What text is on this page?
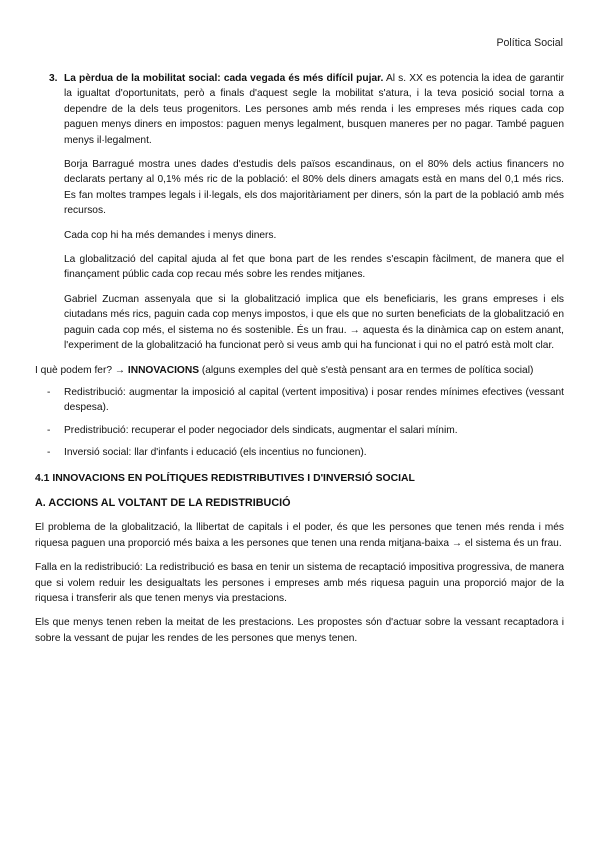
Política Social
3. La pèrdua de la mobilitat social: cada vegada és més difícil pujar. Al s. XX es potencia la idea de garantir la igualtat d'oportunitats, però a finals d'aquest segle la mobilitat s'atura, i la teva posició social torna a dependre de la dels teus progenitors. Les persones amb més renda i les empreses més riques cada cop paguen menys diners en impostos: paguen menys legalment, busquen maneres per no pagar. També paguen menys il·legalment.

Borja Barragué mostra unes dades d'estudis dels països escandinaus, on el 80% dels actius financers no declarats pertany al 0,1% més ric de la població: el 80% dels diners amagats està en mans del 0,1 més rics. Es fan moltes trampes legals i il·legals, els dos majoritàriament per diners, són la part de la població amb més recursos.

Cada cop hi ha més demandes i menys diners.

La globalització del capital ajuda al fet que bona part de les rendes s'escapin fàcilment, de manera que el finançament públic cada cop recau més sobre les rendes mitjanes.

Gabriel Zucman assenyala que si la globalització implica que els beneficiaris, les grans empreses i els ciutadans més rics, paguin cada cop menys impostos, i que els que no surten beneficiats de la globalització en paguin cada cop més, el sistema no és sostenible. És un frau. → aquesta és la dinàmica cap on estem anant, l'experiment de la globalització ha funcionat però si veus amb qui ha funcionat i qui no el patró està molt clar.

I què podem fer? → INNOVACIONS (alguns exemples del què s'està pensant ara en termes de política social)

- Redistribució: augmentar la imposició al capital (vertent impositiva) i posar rendes mínimes efectives (vessant despesa).
- Predistribució: recuperar el poder negociador dels sindicats, augmentar el salari mínim.
- Inversió social: llar d'infants i educació (els incentius no funcionen).

4.1 INNOVACIONS EN POLÍTIQUES REDISTRIBUTIVES I D'INVERSIÓ SOCIAL

A. ACCIONS AL VOLTANT DE LA REDISTRIBUCIÓ

El problema de la globalització, la llibertat de capitals i el poder, és que les persones que tenen més renda i més riquesa paguen una proporció més baixa a les persones que tenen una renda mitjana-baixa → el sistema és un frau.

Falla en la redistribució: La redistribució es basa en tenir un sistema de recaptació impositiva progressiva, de manera que si volem reduir les desigualtats les persones i empreses amb més riquesa paguin una proporció major de la riquesa i transferir als que tenen menys via prestacions.

Els que menys tenen reben la meitat de les prestacions. Les propostes són d'actuar sobre la vessant recaptadora i sobre la vessant de pujar les rendes de les persones que menys tenen.
